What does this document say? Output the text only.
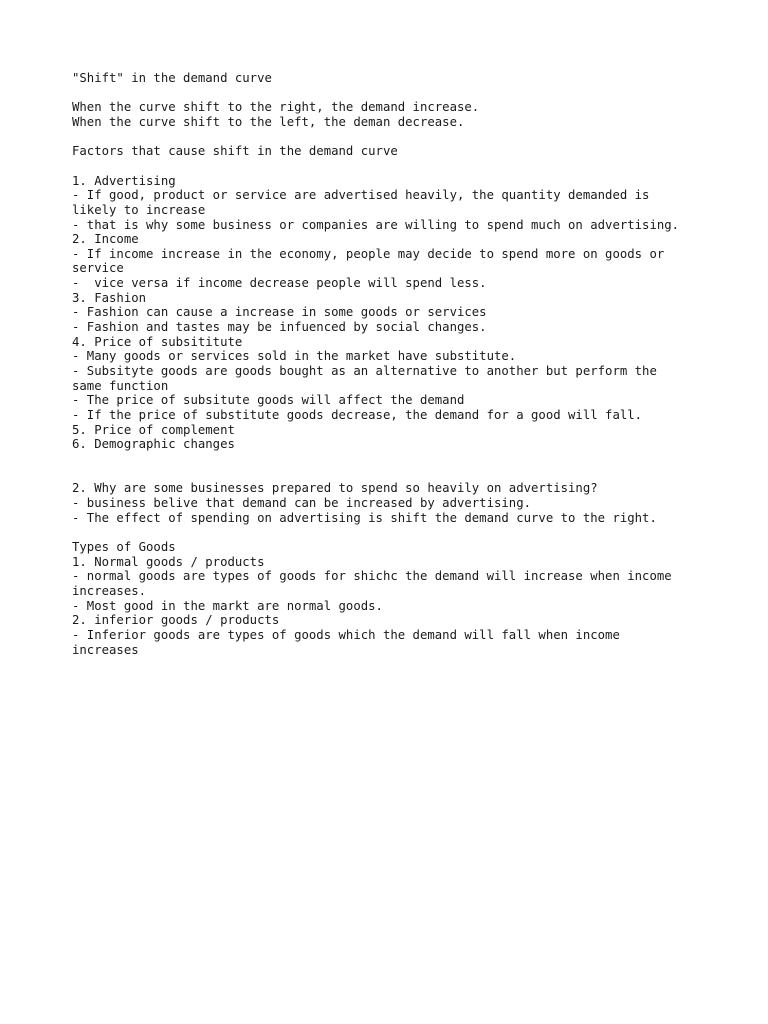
"Shift" in the demand curve
When the curve shift to the right, the demand increase.
When the curve shift to the left, the deman decrease.
Factors that cause shift in the demand curve
1. Advertising
- If good, product or service are advertised heavily, the quantity demanded is
likely to increase
- that is why some business or companies are willing to spend much on advertising.
2. Income
- If income increase in the economy, people may decide to spend more on goods or
service
-  vice versa if income decrease people will spend less.
3. Fashion
- Fashion can cause a increase in some goods or services
- Fashion and tastes may be infuenced by social changes.
4. Price of subsititute
- Many goods or services sold in the market have substitute.
- Subsityte goods are goods bought as an alternative to another but perform the
same function
- The price of subsitute goods will affect the demand
- If the price of substitute goods decrease, the demand for a good will fall.
5. Price of complement
6. Demographic changes
2. Why are some businesses prepared to spend so heavily on advertising?
- business belive that demand can be increased by advertising.
- The effect of spending on advertising is shift the demand curve to the right.
Types of Goods
1. Normal goods / products
- normal goods are types of goods for shichc the demand will increase when income
increases.
- Most good in the markt are normal goods.
2. inferior goods / products
- Inferior goods are types of goods which the demand will fall when income
increases
